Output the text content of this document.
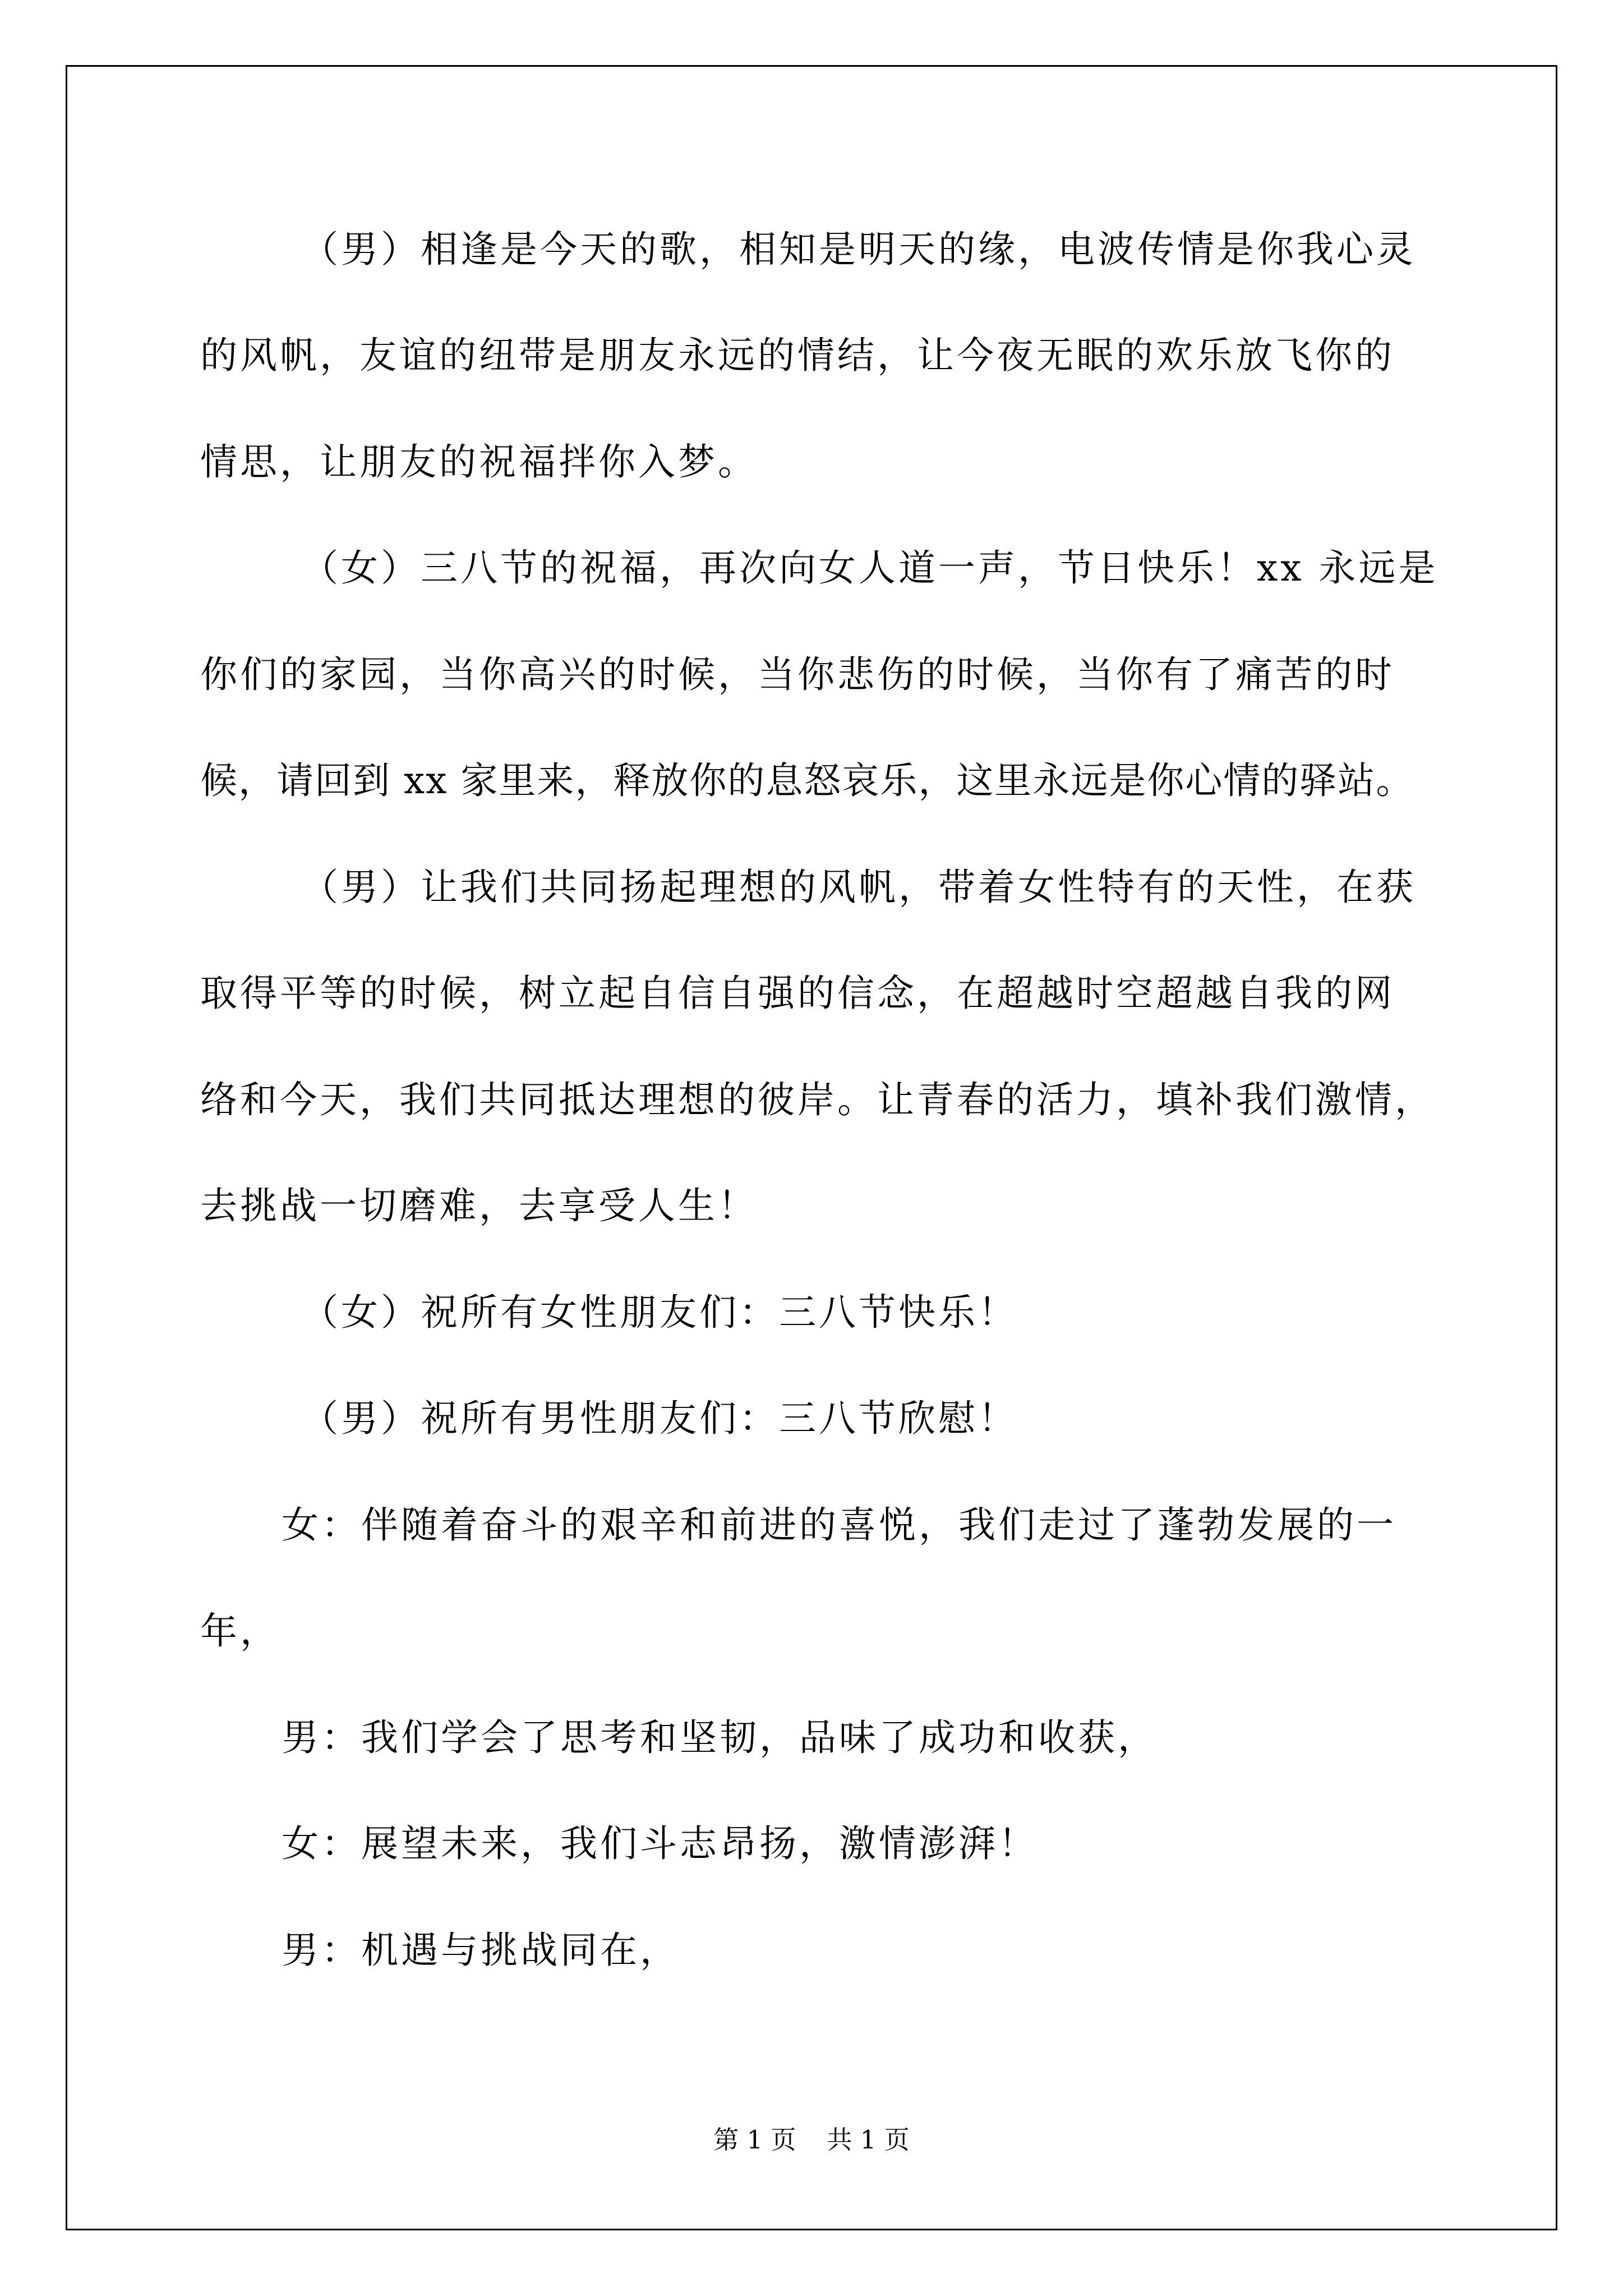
（男）相逢是今天的歌，相知是明天的缘，电波传情是你我心灵
的风帆，友谊的纽带是朋友永远的情结，让今夜无眠的欢乐放飞你的
情思，让朋友的祝福拌你入梦。
（女）三八节的祝福，再次向女人道一声，节日快乐！xx 永远是
你们的家园，当你高兴的时候，当你悲伤的时候，当你有了痛苦的时
候，请回到 xx 家里来，释放你的息怒哀乐，这里永远是你心情的驿站。
（男）让我们共同扬起理想的风帆，带着女性特有的天性，在获
取得平等的时候，树立起自信自强的信念，在超越时空超越自我的网
络和今天，我们共同抵达理想的彼岸。让青春的活力，填补我们激情，
去挑战一切磨难，去享受人生！
（女）祝所有女性朋友们：三八节快乐！
（男）祝所有男性朋友们：三八节欣慰！
女：伴随着奋斗的艰辛和前进的喜悦，我们走过了蓬勃发展的一
年，
男：我们学会了思考和坚韧，品味了成功和收获，
女：展望未来，我们斗志昂扬，激情澎湃！
男：机遇与挑战同在，
第 1 页 共 1 页
